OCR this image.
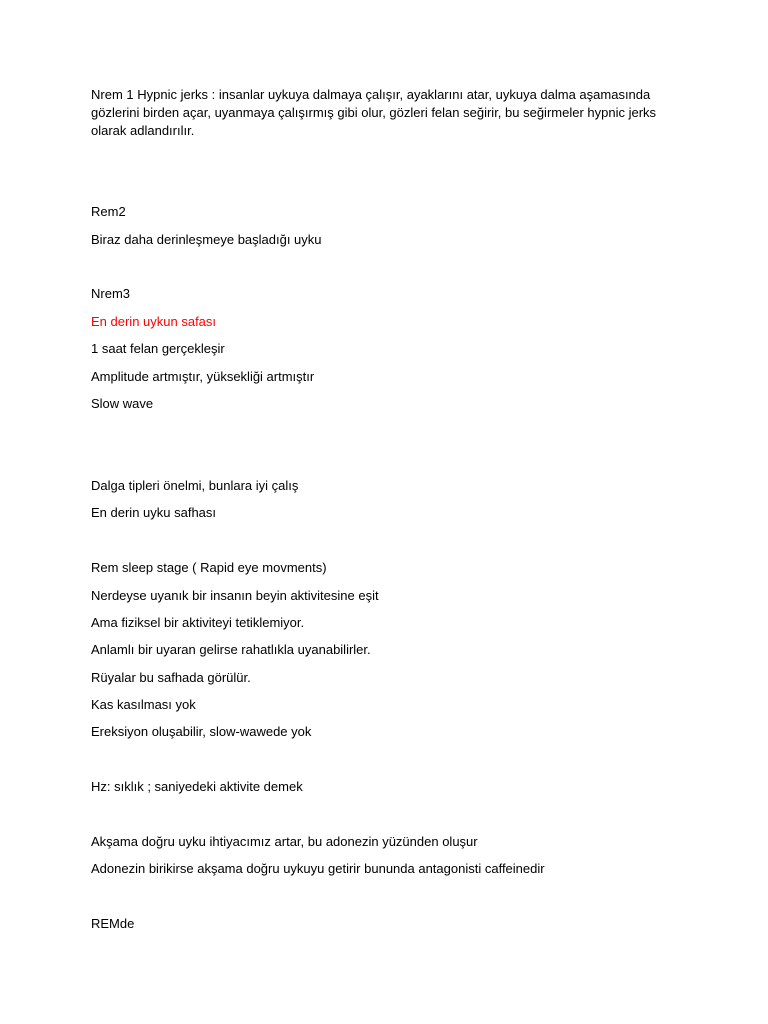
Nrem 1 Hypnic jerks : insanlar uykuya dalmaya çalışır, ayaklarını atar, uykuya dalma aşamasında
gözlerini birden açar, uyanmaya çalışırmış gibi olur, gözleri felan seğirir, bu seğirmeler hypnic jerks
olarak adlandırılır.
Rem2
Biraz daha derinleşmeye başladığı uyku
Nrem3
En derin uykun safası
1 saat felan gerçekleşir
Amplitude artmıştır, yüksekliği artmıştır
Slow wave
Dalga tipleri önelmi, bunlara iyi çalış
En derin uyku safhası
Rem sleep stage ( Rapid eye movments)
Nerdeyse uyanık bir insanın beyin aktivitesine eşit
Ama fiziksel bir aktiviteyi tetiklemiyor.
Anlamlı bir uyaran gelirse rahatlıkla uyanabilirler.
Rüyalar bu safhada görülür.
Kas kasılması yok
Ereksiyon oluşabilir, slow-wawede yok
Hz: sıklık ; saniyedeki aktivite demek
Akşama doğru uyku ihtiyacımız artar, bu adonezin yüzünden oluşur
Adonezin birikirse akşama doğru uykuyu getirir bununda antagonisti caffeinedir
REMde
